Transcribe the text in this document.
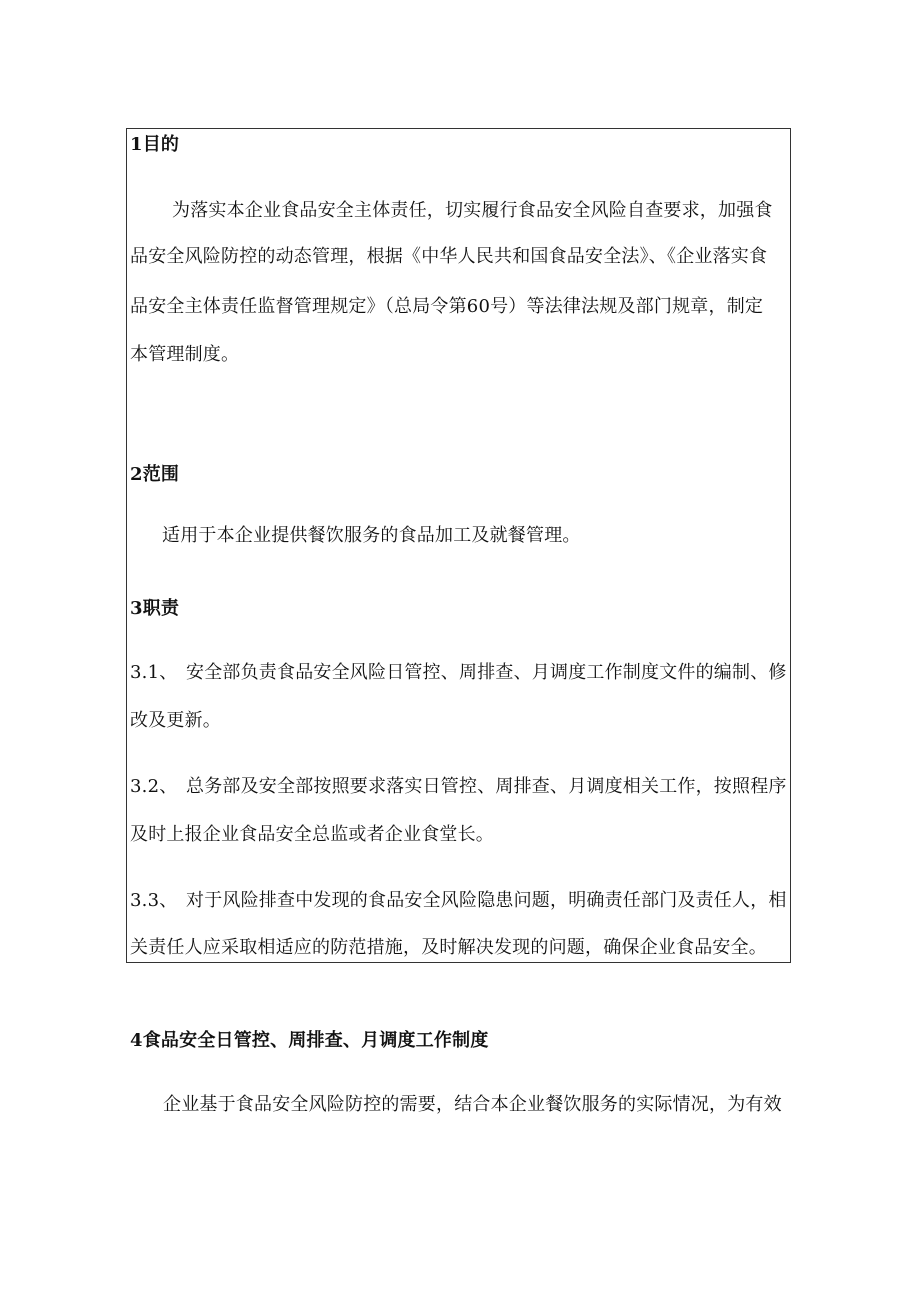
1目的
为落实本企业食品安全主体责任，切实履行食品安全风险自查要求，加强食
品安全风险防控的动态管理，根据《中华人民共和国食品安全法》、《企业落实食
品安全主体责任监督管理规定》（总局令第60号）等法律法规及部门规章，制定
本管理制度。
2范围
适用于本企业提供餐饮服务的食品加工及就餐管理。
3职责
3.1、 安全部负责食品安全风险日管控、周排查、月调度工作制度文件的编制、修
改及更新。
3.2、 总务部及安全部按照要求落实日管控、周排查、月调度相关工作，按照程序
及时上报企业食品安全总监或者企业食堂长。
3.3、 对于风险排查中发现的食品安全风险隐患问题，明确责任部门及责任人，相
关责任人应采取相适应的防范措施，及时解决发现的问题，确保企业食品安全。
4食品安全日管控、周排查、月调度工作制度
企业基于食品安全风险防控的需要，结合本企业餐饮服务的实际情况，为有效
